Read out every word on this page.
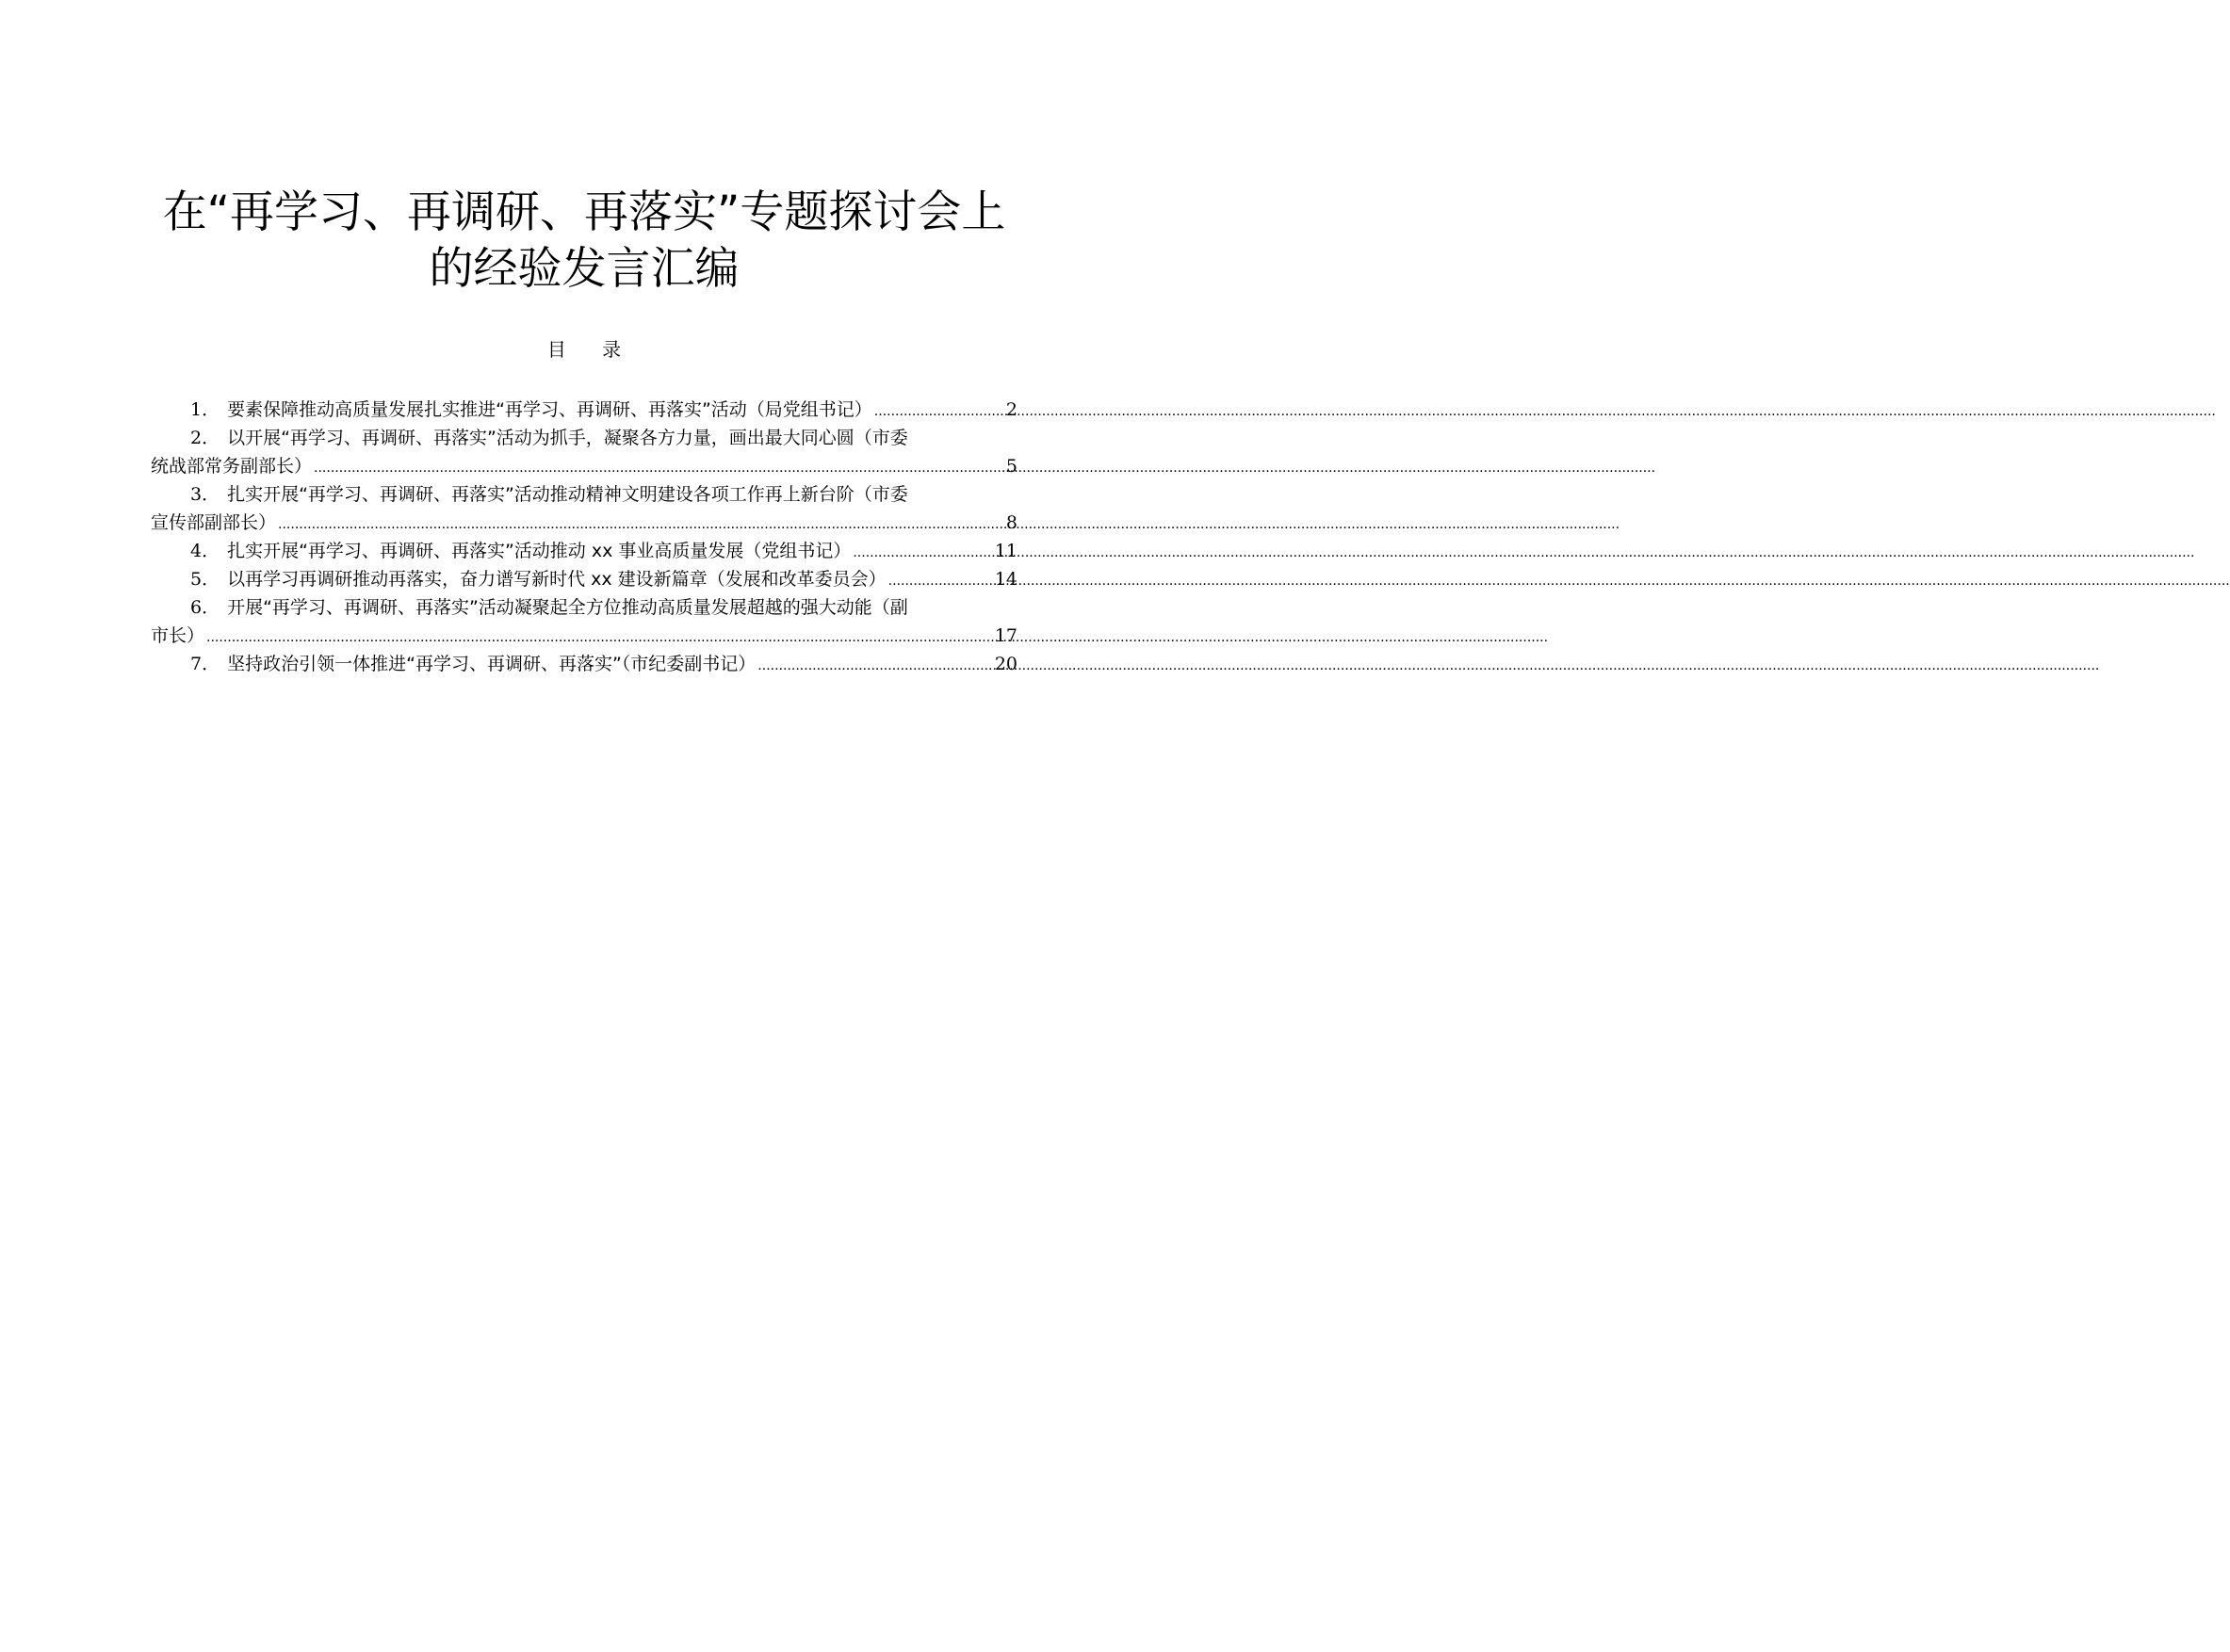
在“再学习、再调研、再落实”专题探讨会上
的经验发言汇编
目 录
1． 要素保障推动高质量发展扎实推进“再学习、再调研、再落实”活动（局党组书记） .....	2
2． 以开展“再学习、再调研、再落实”活动为抓手，凝聚各方力量，画出最大同心圆（市委
统战部常务副部长） .....	5
3． 扎实开展“再学习、再调研、再落实”活动推动精神文明建设各项工作再上新台阶（市委
宣传部副部长） .....	8
4． 扎实开展“再学习、再调研、再落实”活动推动 xx 事业高质量发展（党组书记） .....	11
5． 以再学习再调研推动再落实，奋力谱写新时代 xx 建设新篇章（发展和改革委员会） .....	14
6． 开展“再学习、再调研、再落实”活动凝聚起全方位推动高质量发展超越的强大动能（副
市长） .....	17
7． 坚持政治引领一体推进“再学习、再调研、再落实”（市纪委副书记） .....	20
